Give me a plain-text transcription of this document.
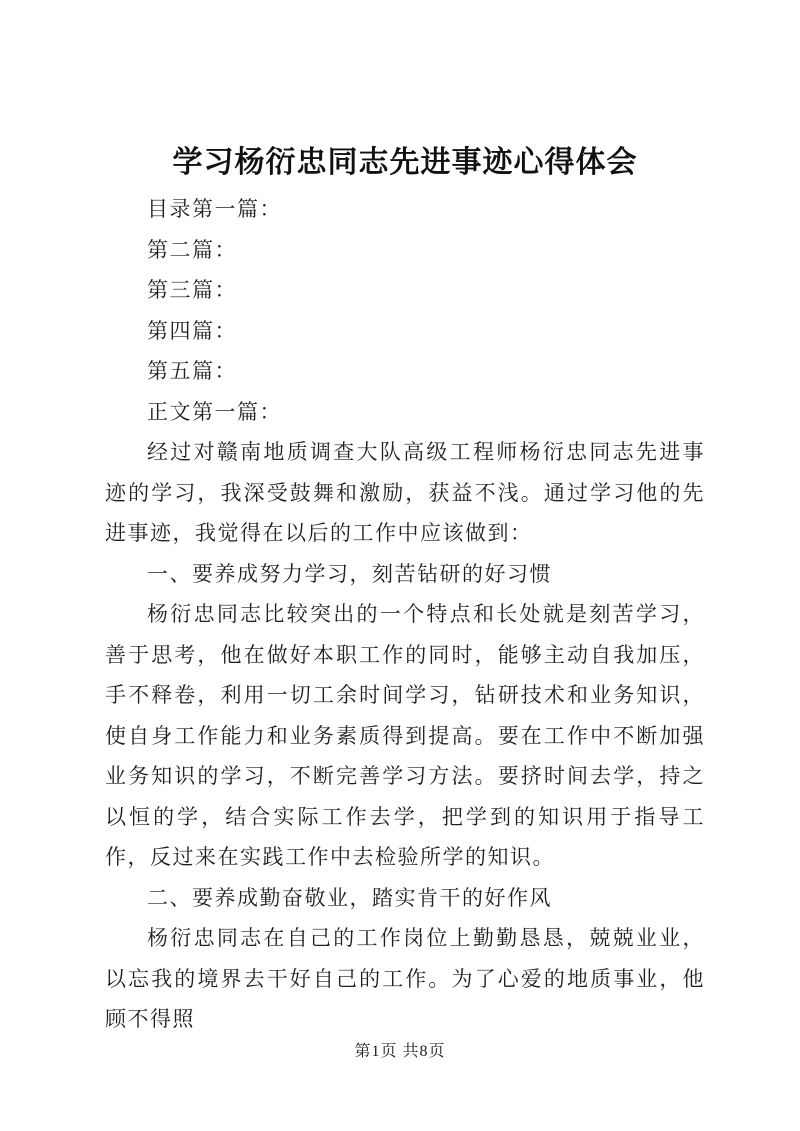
学习杨衍忠同志先进事迹心得体会

目录第一篇：

第二篇：

第三篇：

第四篇：

第五篇：

正文第一篇：

经过对赣南地质调查大队高级工程师杨衍忠同志先进事迹的学习，我深受鼓舞和激励，获益不浅。通过学习他的先进事迹，我觉得在以后的工作中应该做到：

一、要养成努力学习，刻苦钻研的好习惯

杨衍忠同志比较突出的一个特点和长处就是刻苦学习，善于思考，他在做好本职工作的同时，能够主动自我加压，手不释卷，利用一切工余时间学习，钻研技术和业务知识，使自身工作能力和业务素质得到提高。要在工作中不断加强业务知识的学习，不断完善学习方法。要挤时间去学，持之以恒的学，结合实际工作去学，把学到的知识用于指导工作，反过来在实践工作中去检验所学的知识。

二、要养成勤奋敬业，踏实肯干的好作风

杨衍忠同志在自己的工作岗位上勤勤恳恳，兢兢业业，以忘我的境界去干好自己的工作。为了心爱的地质事业，他顾不得照

第1页 共8页
